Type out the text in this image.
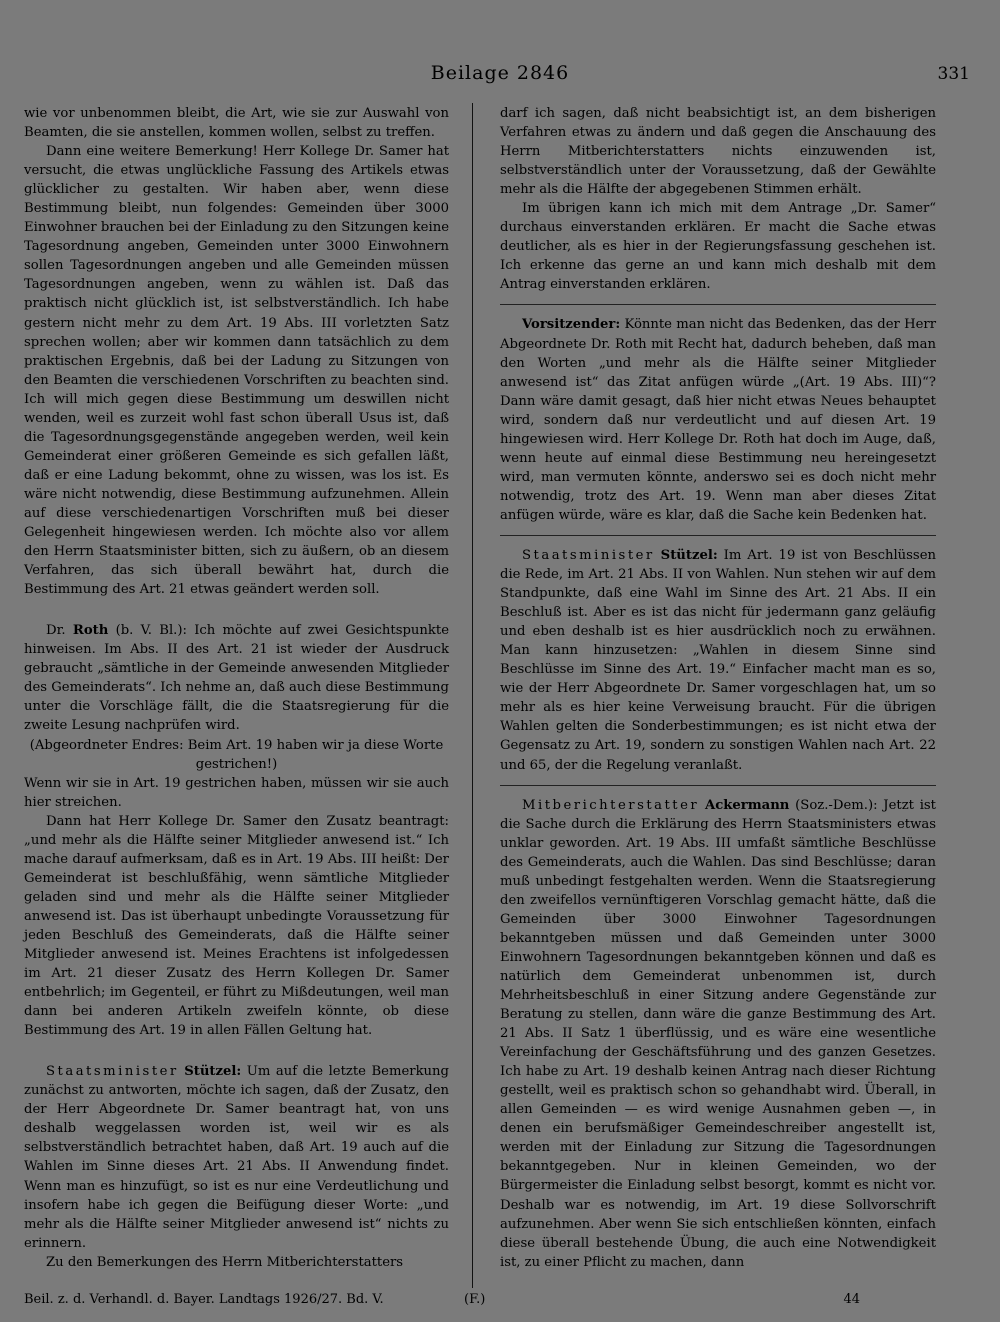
Beilage 2846	331

wie vor unbenommen bleibt, die Art, wie sie zur Auswahl von Beamten, die sie anstellen, kommen wollen, selbst zu treffen.

Dann eine weitere Bemerkung! Herr Kollege Dr. Samer hat versucht, die etwas unglückliche Fassung des Artikels etwas glücklicher zu gestalten. Wir haben aber, wenn diese Bestimmung bleibt, nun folgendes: Gemeinden über 3000 Einwohner brauchen bei der Einladung zu den Sitzungen keine Tagesordnung angeben, Gemeinden unter 3000 Einwohnern sollen Tagesordnungen angeben und alle Gemeinden müssen Tagesordnungen angeben, wenn zu wählen ist. Daß das praktisch nicht glücklich ist, ist selbstverständlich. Ich habe gestern nicht mehr zu dem Art. 19 Abs. III vorletzten Satz sprechen wollen; aber wir kommen dann tatsächlich zu dem praktischen Ergebnis, daß bei der Ladung zu Sitzungen von den Beamten die verschiedenen Vorschriften zu beachten sind. Ich will mich gegen diese Bestimmung um deswillen nicht wenden, weil es zurzeit wohl fast schon überall Usus ist, daß die Tagesordnungsgegenstände angegeben werden, weil kein Gemeinderat einer größeren Gemeinde es sich gefallen läßt, daß er eine Ladung bekommt, ohne zu wissen, was los ist. Es wäre nicht notwendig, diese Bestimmung aufzunehmen. Allein auf diese verschiedenartigen Vorschriften muß bei dieser Gelegenheit hingewiesen werden. Ich möchte also vor allem den Herrn Staatsminister bitten, sich zu äußern, ob an diesem Verfahren, das sich überall bewährt hat, durch die Bestimmung des Art. 21 etwas geändert werden soll.

Dr. Roth (b. V. Bl.): Ich möchte auf zwei Gesichtspunkte hinweisen. Im Abs. II des Art. 21 ist wieder der Ausdruck gebraucht „sämtliche in der Gemeinde anwesenden Mitglieder des Gemeinderats“. Ich nehme an, daß auch diese Bestimmung unter die Vorschläge fällt, die die Staatsregierung für die zweite Lesung nachprüfen wird.

(Abgeordneter Endres: Beim Art. 19 haben wir ja diese Worte gestrichen!)

Wenn wir sie in Art. 19 gestrichen haben, müssen wir sie auch hier streichen.

Dann hat Herr Kollege Dr. Samer den Zusatz beantragt: „und mehr als die Hälfte seiner Mitglieder anwesend ist.“ Ich mache darauf aufmerksam, daß es in Art. 19 Abs. III heißt: Der Gemeinderat ist beschlußfähig, wenn sämtliche Mitglieder geladen sind und mehr als die Hälfte seiner Mitglieder anwesend ist. Das ist überhaupt unbedingte Voraussetzung für jeden Beschluß des Gemeinderats, daß die Hälfte seiner Mitglieder anwesend ist. Meines Erachtens ist infolgedessen im Art. 21 dieser Zusatz des Herrn Kollegen Dr. Samer entbehrlich; im Gegenteil, er führt zu Mißdeutungen, weil man dann bei anderen Artikeln zweifeln könnte, ob diese Bestimmung des Art. 19 in allen Fällen Geltung hat.

Staatsminister Stützel: Um auf die letzte Bemerkung zunächst zu antworten, möchte ich sagen, daß der Zusatz, den der Herr Abgeordnete Dr. Samer beantragt hat, von uns deshalb weggelassen worden ist, weil wir es als selbstverständlich betrachtet haben, daß Art. 19 auch auf die Wahlen im Sinne dieses Art. 21 Abs. II Anwendung findet. Wenn man es hinzufügt, so ist es nur eine Verdeutlichung und insofern habe ich gegen die Beifügung dieser Worte: „und mehr als die Hälfte seiner Mitglieder anwesend ist“ nichts zu erinnern.

Zu den Bemerkungen des Herrn Mitberichterstatters

darf ich sagen, daß nicht beabsichtigt ist, an dem bisherigen Verfahren etwas zu ändern und daß gegen die Anschauung des Herrn Mitberichterstatters nichts einzuwenden ist, selbstverständlich unter der Voraussetzung, daß der Gewählte mehr als die Hälfte der abgegebenen Stimmen erhält.

Im übrigen kann ich mich mit dem Antrage „Dr. Samer“ durchaus einverstanden erklären. Er macht die Sache etwas deutlicher, als es hier in der Regierungsfassung geschehen ist. Ich erkenne das gerne an und kann mich deshalb mit dem Antrag einverstanden erklären.

Vorsitzender: Könnte man nicht das Bedenken, das der Herr Abgeordnete Dr. Roth mit Recht hat, dadurch beheben, daß man den Worten „und mehr als die Hälfte seiner Mitglieder anwesend ist“ das Zitat anfügen würde „(Art. 19 Abs. III)“? Dann wäre damit gesagt, daß hier nicht etwas Neues behauptet wird, sondern daß nur verdeutlicht und auf diesen Art. 19 hingewiesen wird. Herr Kollege Dr. Roth hat doch im Auge, daß, wenn heute auf einmal diese Bestimmung neu hereingesetzt wird, man vermuten könnte, anderswo sei es doch nicht mehr notwendig, trotz des Art. 19. Wenn man aber dieses Zitat anfügen würde, wäre es klar, daß die Sache kein Bedenken hat.

Staatsminister Stützel: Im Art. 19 ist von Beschlüssen die Rede, im Art. 21 Abs. II von Wahlen. Nun stehen wir auf dem Standpunkte, daß eine Wahl im Sinne des Art. 21 Abs. II ein Beschluß ist. Aber es ist das nicht für jedermann ganz geläufig und eben deshalb ist es hier ausdrücklich noch zu erwähnen. Man kann hinzusetzen: „Wahlen in diesem Sinne sind Beschlüsse im Sinne des Art. 19.“ Einfacher macht man es so, wie der Herr Abgeordnete Dr. Samer vorgeschlagen hat, um so mehr als es hier keine Verweisung braucht. Für die übrigen Wahlen gelten die Sonderbestimmungen; es ist nicht etwa der Gegensatz zu Art. 19, sondern zu sonstigen Wahlen nach Art. 22 und 65, der die Regelung veranlaßt.

Mitberichterstatter Ackermann (Soz.-Dem.): Jetzt ist die Sache durch die Erklärung des Herrn Staatsministers etwas unklar geworden. Art. 19 Abs. III umfaßt sämtliche Beschlüsse des Gemeinderats, auch die Wahlen. Das sind Beschlüsse; daran muß unbedingt festgehalten werden. Wenn die Staatsregierung den zweifellos vernünftigeren Vorschlag gemacht hätte, daß die Gemeinden über 3000 Einwohner Tagesordnungen bekanntgeben müssen und daß Gemeinden unter 3000 Einwohnern Tagesordnungen bekanntgeben können und daß es natürlich dem Gemeinderat unbenommen ist, durch Mehrheitsbeschluß in einer Sitzung andere Gegenstände zur Beratung zu stellen, dann wäre die ganze Bestimmung des Art. 21 Abs. II Satz 1 überflüssig, und es wäre eine wesentliche Vereinfachung der Geschäftsführung und des ganzen Gesetzes. Ich habe zu Art. 19 deshalb keinen Antrag nach dieser Richtung gestellt, weil es praktisch schon so gehandhabt wird. Überall, in allen Gemeinden — es wird wenige Ausnahmen geben —, in denen ein berufsmäßiger Gemeindeschreiber angestellt ist, werden mit der Einladung zur Sitzung die Tagesordnungen bekanntgegeben. Nur in kleinen Gemeinden, wo der Bürgermeister die Einladung selbst besorgt, kommt es nicht vor. Deshalb war es notwendig, im Art. 19 diese Sollvorschrift aufzunehmen. Aber wenn Sie sich entschließen könnten, einfach diese überall bestehende Übung, die auch eine Notwendigkeit ist, zu einer Pflicht zu machen, dann

Beil. z. d. Verhandl. d. Bayer. Landtags 1926/27. Bd. V.	(F.)	44
